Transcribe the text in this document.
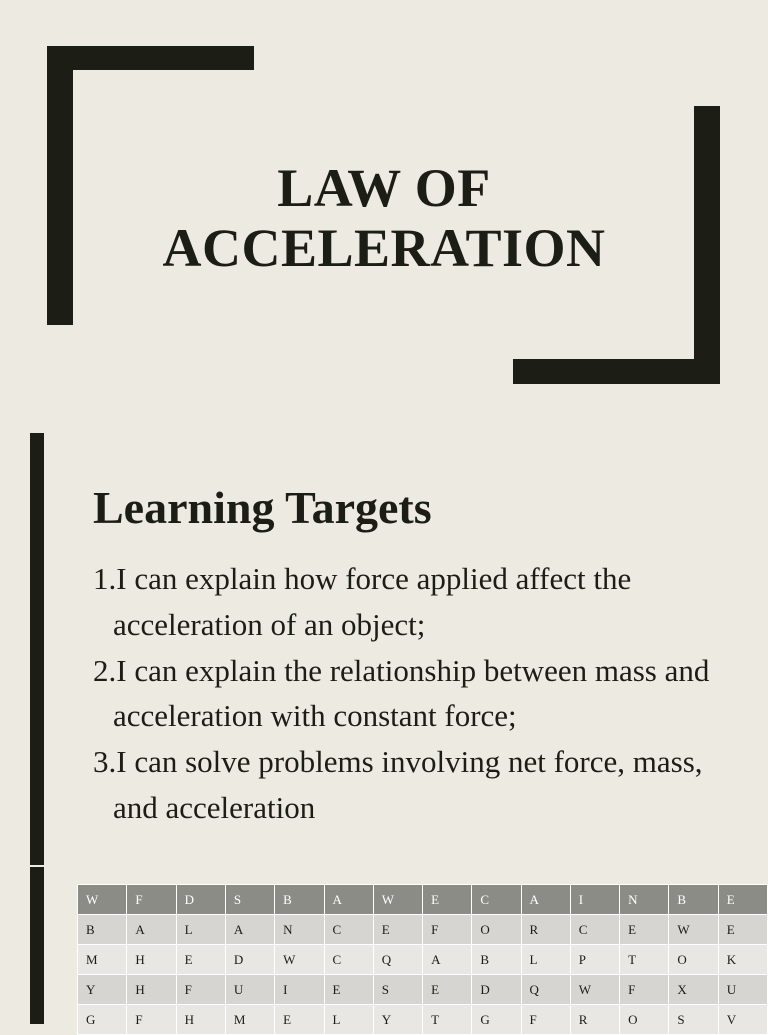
LAW OF
ACCELERATION
Learning Targets
1.I can explain how force applied affect the acceleration of an object;
2.I can explain the relationship between mass and acceleration with constant force;
3.I can solve problems involving net force, mass, and acceleration
W	F	D	S	B	A	W	E	C	A	I	N	B	E
B	A	L	A	N	C	E	F	O	R	C	E	W	E
M	H	E	D	W	C	Q	A	B	L	P	T	O	K
Y	H	F	U	I	E	S	E	D	Q	W	F	X	U
G	F	H	M	E	L	Y	T	G	F	R	O	S	V
